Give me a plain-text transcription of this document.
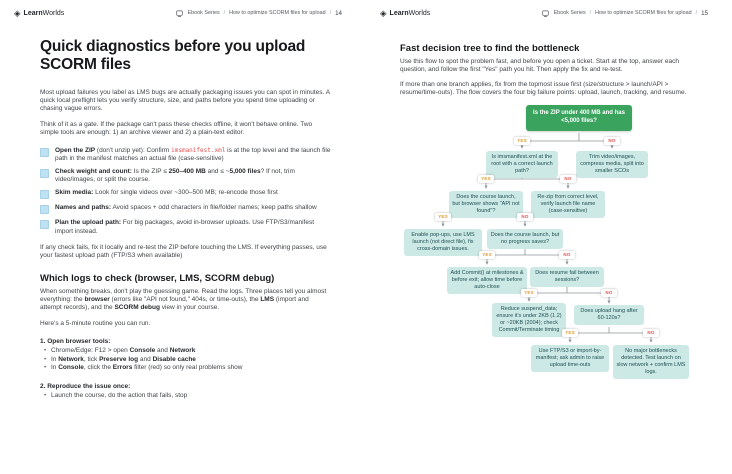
◈ LearnWorlds	Ebook Series / How to optimize SCORM files for upload / 14
Quick diagnostics before you upload SCORM files

Most upload failures you label as LMS bugs are actually packaging issues you can spot in minutes. A quick local preflight lets you verify structure, size, and paths before you spend time uploading or chasing vague errors.

Think of it as a gate. If the package can't pass these checks offline, it won't behave online. Two simple tools are enough: 1) an archive viewer and 2) a plain-text editor.

Open the ZIP (don't unzip yet): Confirm imsmanifest.xml is at the top level and the launch file path in the manifest matches an actual file (case-sensitive)
Check weight and count: Is the ZIP ≤ 250–400 MB and ≤ ~5,000 files? If not, trim video/images, or split the course.
Skim media: Look for single videos over ~300–500 MB; re-encode those first
Names and paths: Avoid spaces + odd characters in file/folder names; keep paths shallow
Plan the upload path: For big packages, avoid in-browser uploads. Use FTP/S3/manifest import instead.

If any check fails, fix it locally and re-test the ZIP before touching the LMS. If everything passes, use your fastest upload path (FTP/S3 when available)

Which logs to check (browser, LMS, SCORM debug)

When something breaks, don't play the guessing game. Read the logs. Three places tell you almost everything: the browser (errors like "API not found," 404s, or time-outs), the LMS (import and attempt records), and the SCORM debug view in your course.

Here's a 5-minute routine you can run.

1. Open browser tools:
• Chrome/Edge: F12 > open Console and Network
• In Network, tick Preserve log and Disable cache
• In Console, click the Errors filter (red) so only real problems show
2. Reproduce the issue once:
• Launch the course, do the action that fails, stop
◈ LearnWorlds	Ebook Series / How to optimize SCORM files for upload / 15
Fast decision tree to find the bottleneck

Use this flow to spot the problem fast, and before you open a ticket. Start at the top, answer each question, and follow the first "Yes" path you hit. Then apply the fix and re-test.

If more than one branch applies, fix from the topmost issue first (size/structure > launch/API > resume/time-outs). The flow covers the four big failure points: upload, launch, tracking, and resume.

Is the ZIP under 400 MB and has <5,000 files?
YES	NO
Is imsmanifest.xml at the root with a correct launch path?
Trim video/images, compress media, split into smaller SCOs
YES	NO
Does the course launch, but browser shows "API not found"?
Re-zip from correct level, verify launch file name (case-sensitive)
YES	NO
Enable pop-ups, use LMS launch (not direct file), fix cross-domain issues.
Does the course launch, but no progress saves?
YES	NO
Add Commit() at milestones & before exit; allow time before auto-close
Does resume fail between sessions?
YES	NO
Reduce suspend_data; ensure it's under 2KB (1.2) or ~20KB (2004); check Commit/Terminate timing
Does upload hang after 60-120s?
YES	NO
Use FTP/S3 or import-by-manifest; ask admin to raise upload time-outs
No major bottlenecks detected. Test launch on slow network + confirm LMS logs.
